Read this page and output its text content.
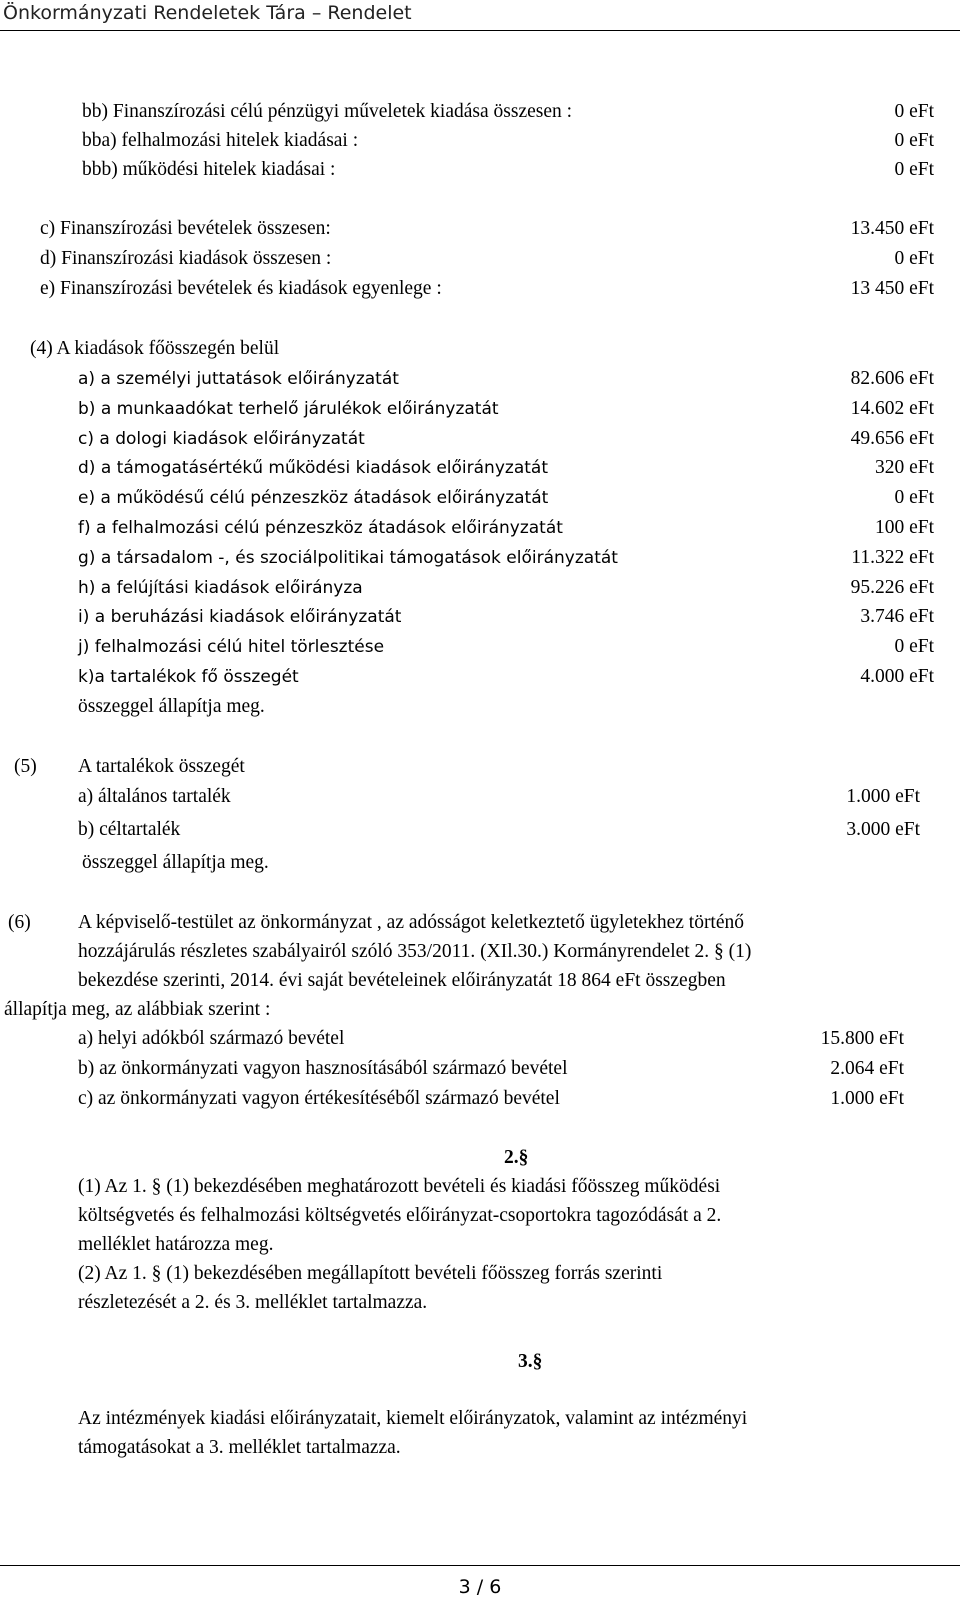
Önkormányzati Rendeletek Tára – Rendelet
bb) Finanszírozási célú pénzügyi műveletek kiadása összesen :	0 eFt
bba) felhalmozási hitelek kiadásai :	0 eFt
bbb) működési hitelek kiadásai :	0 eFt
c) Finanszírozási bevételek összesen:	13.450 eFt
d) Finanszírozási kiadások összesen :	0 eFt
e) Finanszírozási bevételek és kiadások egyenlege :	13 450 eFt
(4) A kiadások főösszegén belül
a) a személyi juttatások előirányzatát	82.606 eFt
b) a munkaadókat terhelő járulékok előirányzatát	14.602 eFt
c) a dologi kiadások előirányzatát	49.656 eFt
d) a támogatásértékű működési kiadások előirányzatát	320 eFt
e) a működésű célú pénzeszköz átadások előirányzatát	0 eFt
f) a felhalmozási célú pénzeszköz átadások előirányzatát	100 eFt
g) a társadalom -, és szociálpolitikai támogatások előirányzatát	11.322 eFt
h) a felújítási kiadások előirányza	95.226 eFt
i) a beruházási kiadások előirányzatát	3.746 eFt
j) felhalmozási célú hitel törlesztése	0 eFt
k)a tartalékok fő összegét	4.000 eFt
összeggel állapítja meg.
(5) A tartalékok összegét
a) általános tartalék	1.000 eFt
b) céltartalék	3.000 eFt
összeggel állapítja meg.
(6) A képviselő-testület az önkormányzat , az adósságot keletkeztető ügyletekhez történő
hozzájárulás részletes szabályairól szóló 353/2011. (XIl.30.) Kormányrendelet 2. § (1)
bekezdése szerinti, 2014. évi saját bevételeinek előirányzatát 18 864 eFt összegben
állapítja meg, az alábbiak szerint :
a) helyi adókból származó bevétel	15.800 eFt
b) az önkormányzati vagyon hasznosításából származó bevétel	2.064 eFt
c) az önkormányzati vagyon értékesítéséből származó bevétel	1.000 eFt
2.§
(1) Az 1. § (1) bekezdésében meghatározott bevételi és kiadási főösszeg működési
költségvetés és felhalmozási költségvetés előirányzat-csoportokra tagozódását a 2.
melléklet határozza meg.
(2) Az 1. § (1) bekezdésében megállapított bevételi főösszeg forrás szerinti
részletezését a 2. és 3. melléklet tartalmazza.
3.§
Az intézmények kiadási előirányzatait, kiemelt előirányzatok, valamint az intézményi
támogatásokat a 3. melléklet tartalmazza.
3 / 6
